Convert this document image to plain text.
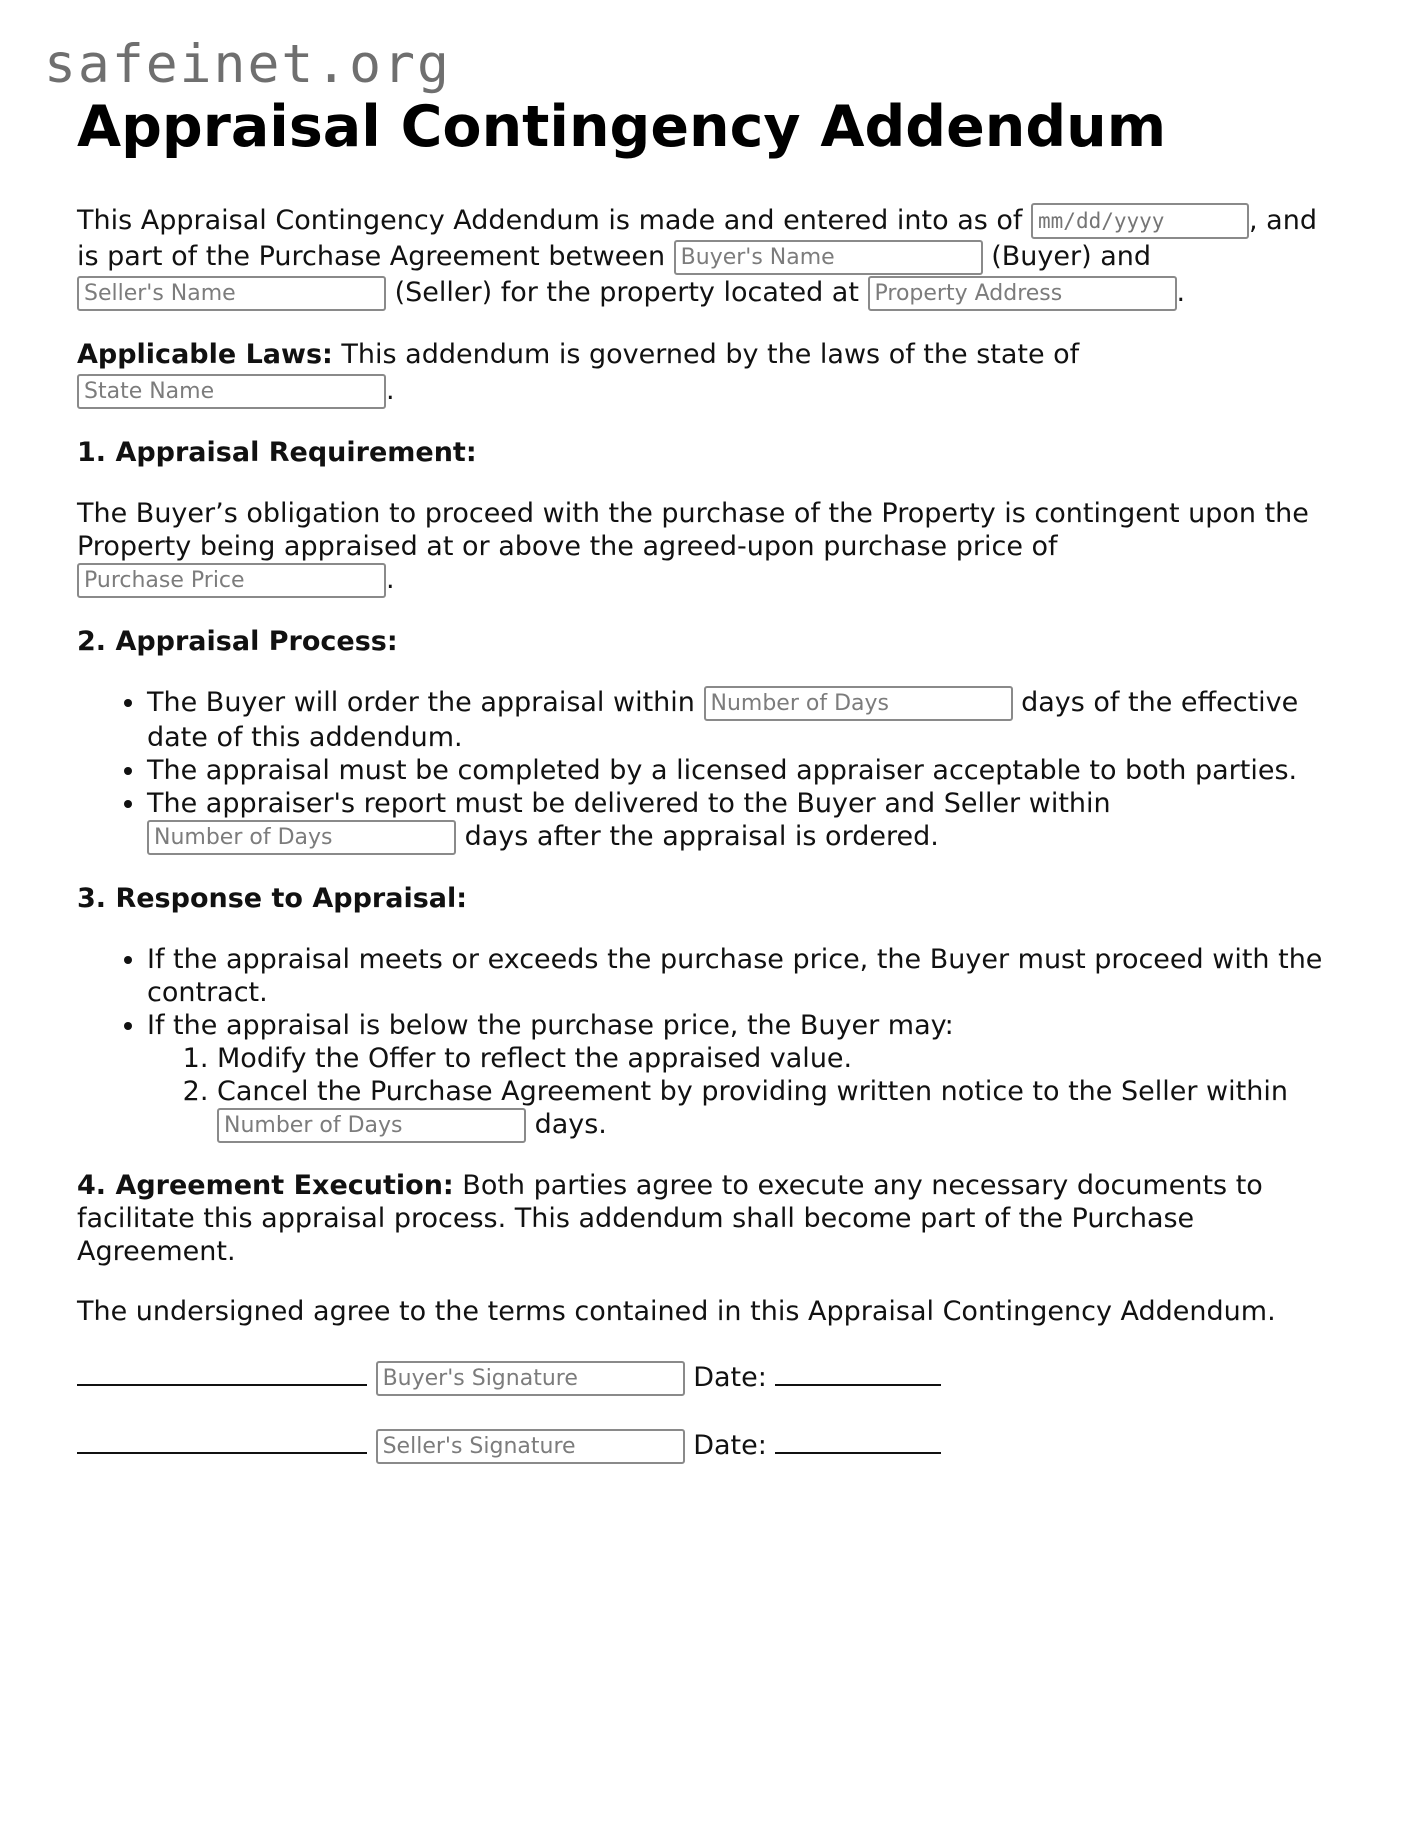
safeinet.org
Appraisal Contingency Addendum

This Appraisal Contingency Addendum is made and entered into as of mm/dd/yyyy	, and is part of the Purchase Agreement between Buyer's Name	(Buyer) and Seller's Name (Seller) for the property located at Property Address	.

Applicable Laws: This addendum is governed by the laws of the state of State Name.

1. Appraisal Requirement:

The Buyer’s obligation to proceed with the purchase of the Property is contingent upon the Property being appraised at or above the agreed-upon purchase price of Purchase Price.

2. Appraisal Process:

• The Buyer will order the appraisal within Number of Days	days of the effective date of this addendum.
• The appraisal must be completed by a licensed appraiser acceptable to both parties.
• The appraiser's report must be delivered to the Buyer and Seller within Number of Days days after the appraisal is ordered.

3. Response to Appraisal:

• If the appraisal meets or exceeds the purchase price, the Buyer must proceed with the contract.
• If the appraisal is below the purchase price, the Buyer may:
1. Modify the Offer to reflect the appraised value.
2. Cancel the Purchase Agreement by providing written notice to the Seller within Number of Days days.

4. Agreement Execution: Both parties agree to execute any necessary documents to facilitate this appraisal process. This addendum shall become part of the Purchase Agreement.

The undersigned agree to the terms contained in this Appraisal Contingency Addendum.

Buyer's Signature Date:
Seller's Signature Date:
